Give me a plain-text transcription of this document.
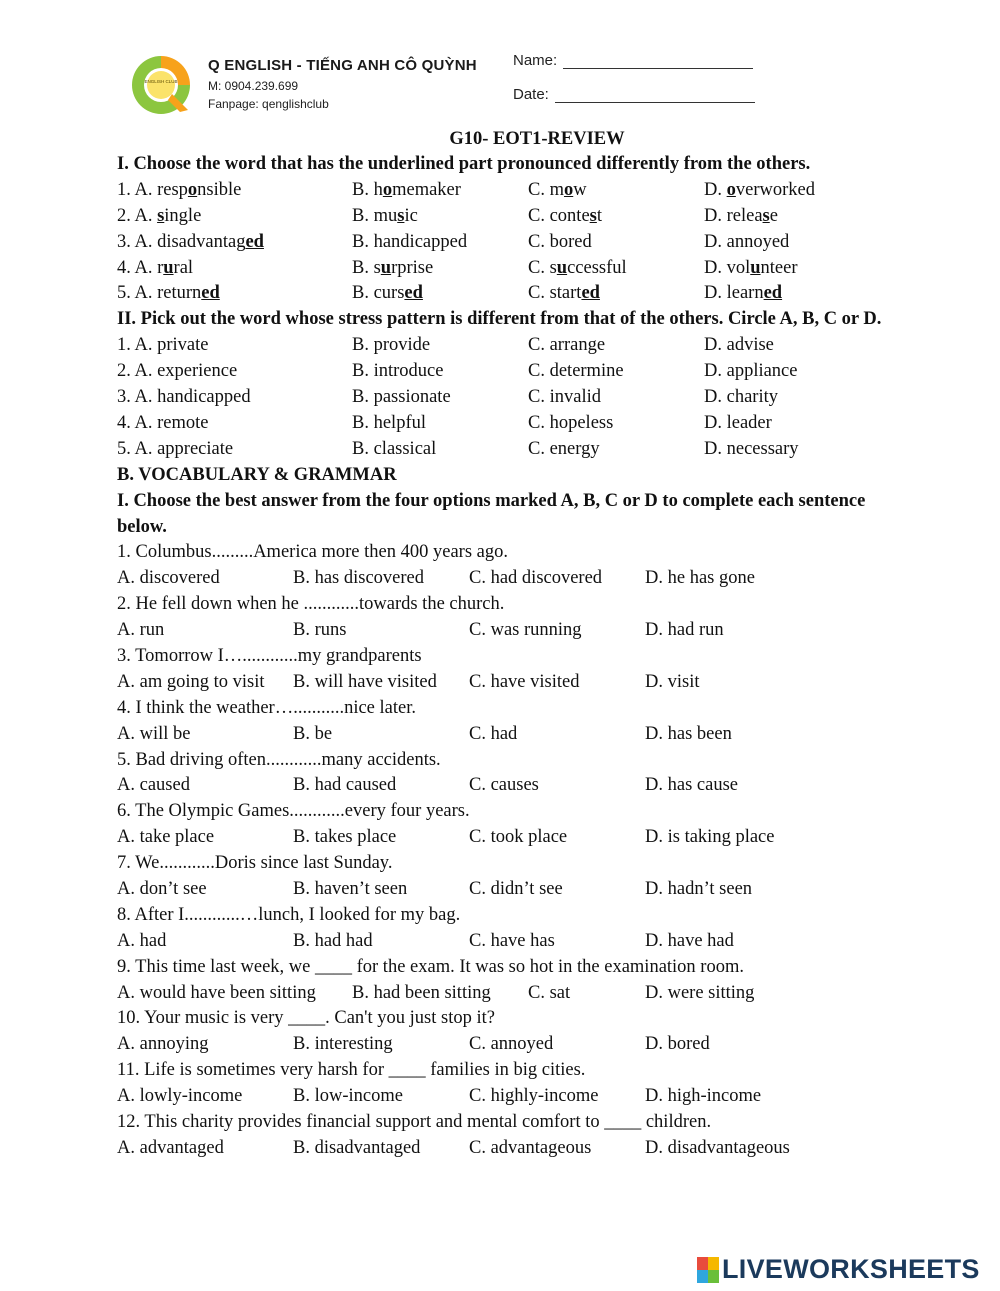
ENGLISH CLUB
Q ENGLISH - TIẾNG ANH CÔ QUỲNH
M: 0904.239.699
Fanpage: qenglishclub
Name:
Date:
G10- EOT1-REVIEW
I. Choose the word that has the underlined part pronounced differently from the others.
1. A. responsible	B. homemaker	C. mow	D. overworked
2. A. single	B. music	C. contest	D. release
3. A. disadvantaged	B. handicapped	C. bored	D. annoyed
4. A. rural	B. surprise	C. successful	D. volunteer
5. A. returned	B. cursed	C. started	D. learned
II. Pick out the word whose stress pattern is different from that of the others. Circle A, B, C or D.
1. A. private	B. provide	C. arrange	D. advise
2. A. experience	B. introduce	C. determine	D. appliance
3. A. handicapped	B. passionate	C. invalid	D. charity
4. A. remote	B. helpful	C. hopeless	D. leader
5. A. appreciate	B. classical	C. energy	D. necessary
B. VOCABULARY & GRAMMAR
I. Choose the best answer from the four options marked A, B, C or D to complete each sentence
below.
1. Columbus.........America more then 400 years ago.
A. discovered	B. has discovered	C. had discovered	D. he has gone
2. He fell down when he ............towards the church.
A. run	B. runs	C. was running	D. had run
3. Tomorrow I…............my grandparents
A. am going to visit	B. will have visited	C. have visited	D. visit
4. I think the weather…...........nice later.
A. will be	B. be	C. had	D. has been
5. Bad driving often............many accidents.
A. caused	B. had caused	C. causes	D. has cause
6. The Olympic Games............every four years.
A. take place	B. takes place	C. took place	D. is taking place
7. We............Doris since last Sunday.
A. don’t see	B. haven’t seen	C. didn’t see	D. hadn’t seen
8. After I............…lunch, I looked for my bag.
A. had	B. had had	C. have has	D. have had
9. This time last week, we ____ for the exam. It was so hot in the examination room.
A. would have been sitting	B. had been sitting	C. sat	D. were sitting
10. Your music is very ____. Can't you just stop it?
A. annoying	B. interesting	C. annoyed	D. bored
11. Life is sometimes very harsh for ____ families in big cities.
A. lowly-income	B. low-income	C. highly-income	D. high-income
12. This charity provides financial support and mental comfort to ____ children.
A. advantaged	B. disadvantaged	C. advantageous	D. disadvantageous
LIVEWORKSHEETS
